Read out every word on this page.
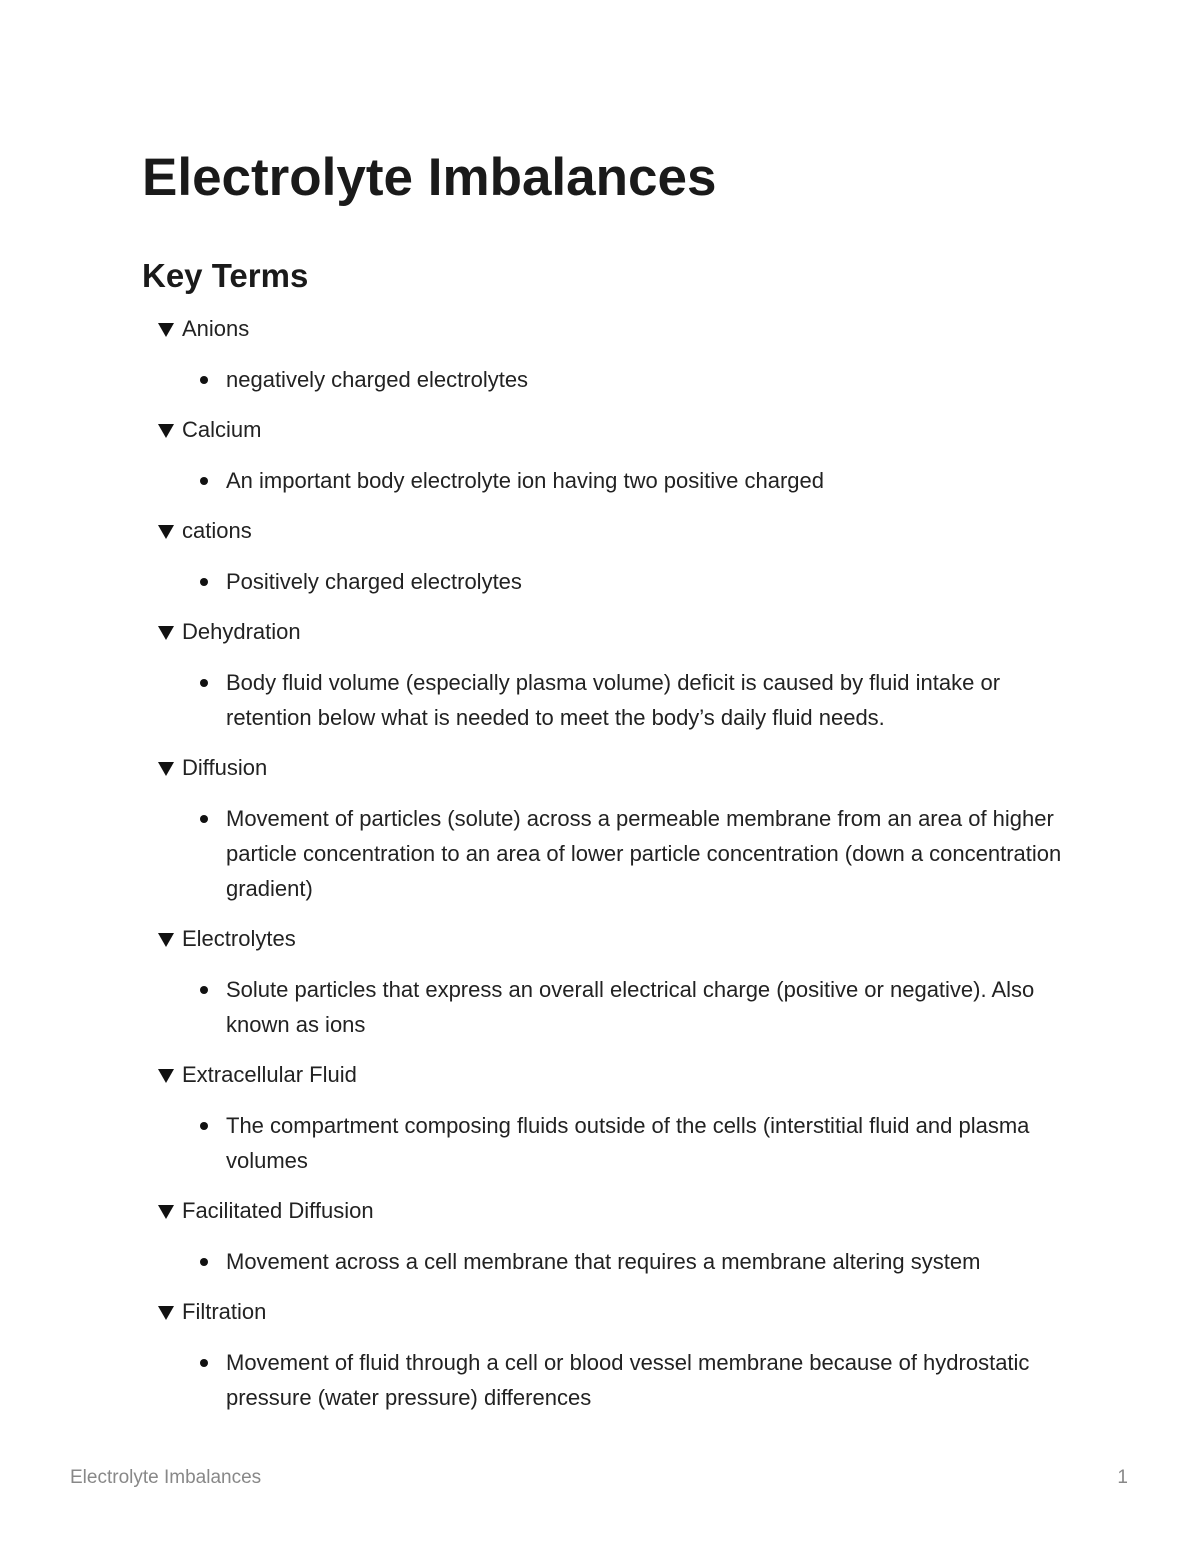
Electrolyte Imbalances
Key Terms
Anions
negatively charged electrolytes
Calcium
An important body electrolyte ion having two positive charged
cations
Positively charged electrolytes
Dehydration
Body fluid volume (especially plasma volume) deficit is caused by fluid intake or retention below what is needed to meet the body’s daily fluid needs.
Diffusion
Movement of particles (solute) across a permeable membrane from an area of higher particle concentration to an area of lower particle concentration (down a concentration gradient)
Electrolytes
Solute particles that express an overall electrical charge (positive or negative). Also known as ions
Extracellular Fluid
The compartment composing fluids outside of the cells (interstitial fluid and plasma volumes
Facilitated Diffusion
Movement across a cell membrane that requires a membrane altering system
Filtration
Movement of fluid through a cell or blood vessel membrane because of hydrostatic pressure (water pressure) differences
Electrolyte Imbalances	1
